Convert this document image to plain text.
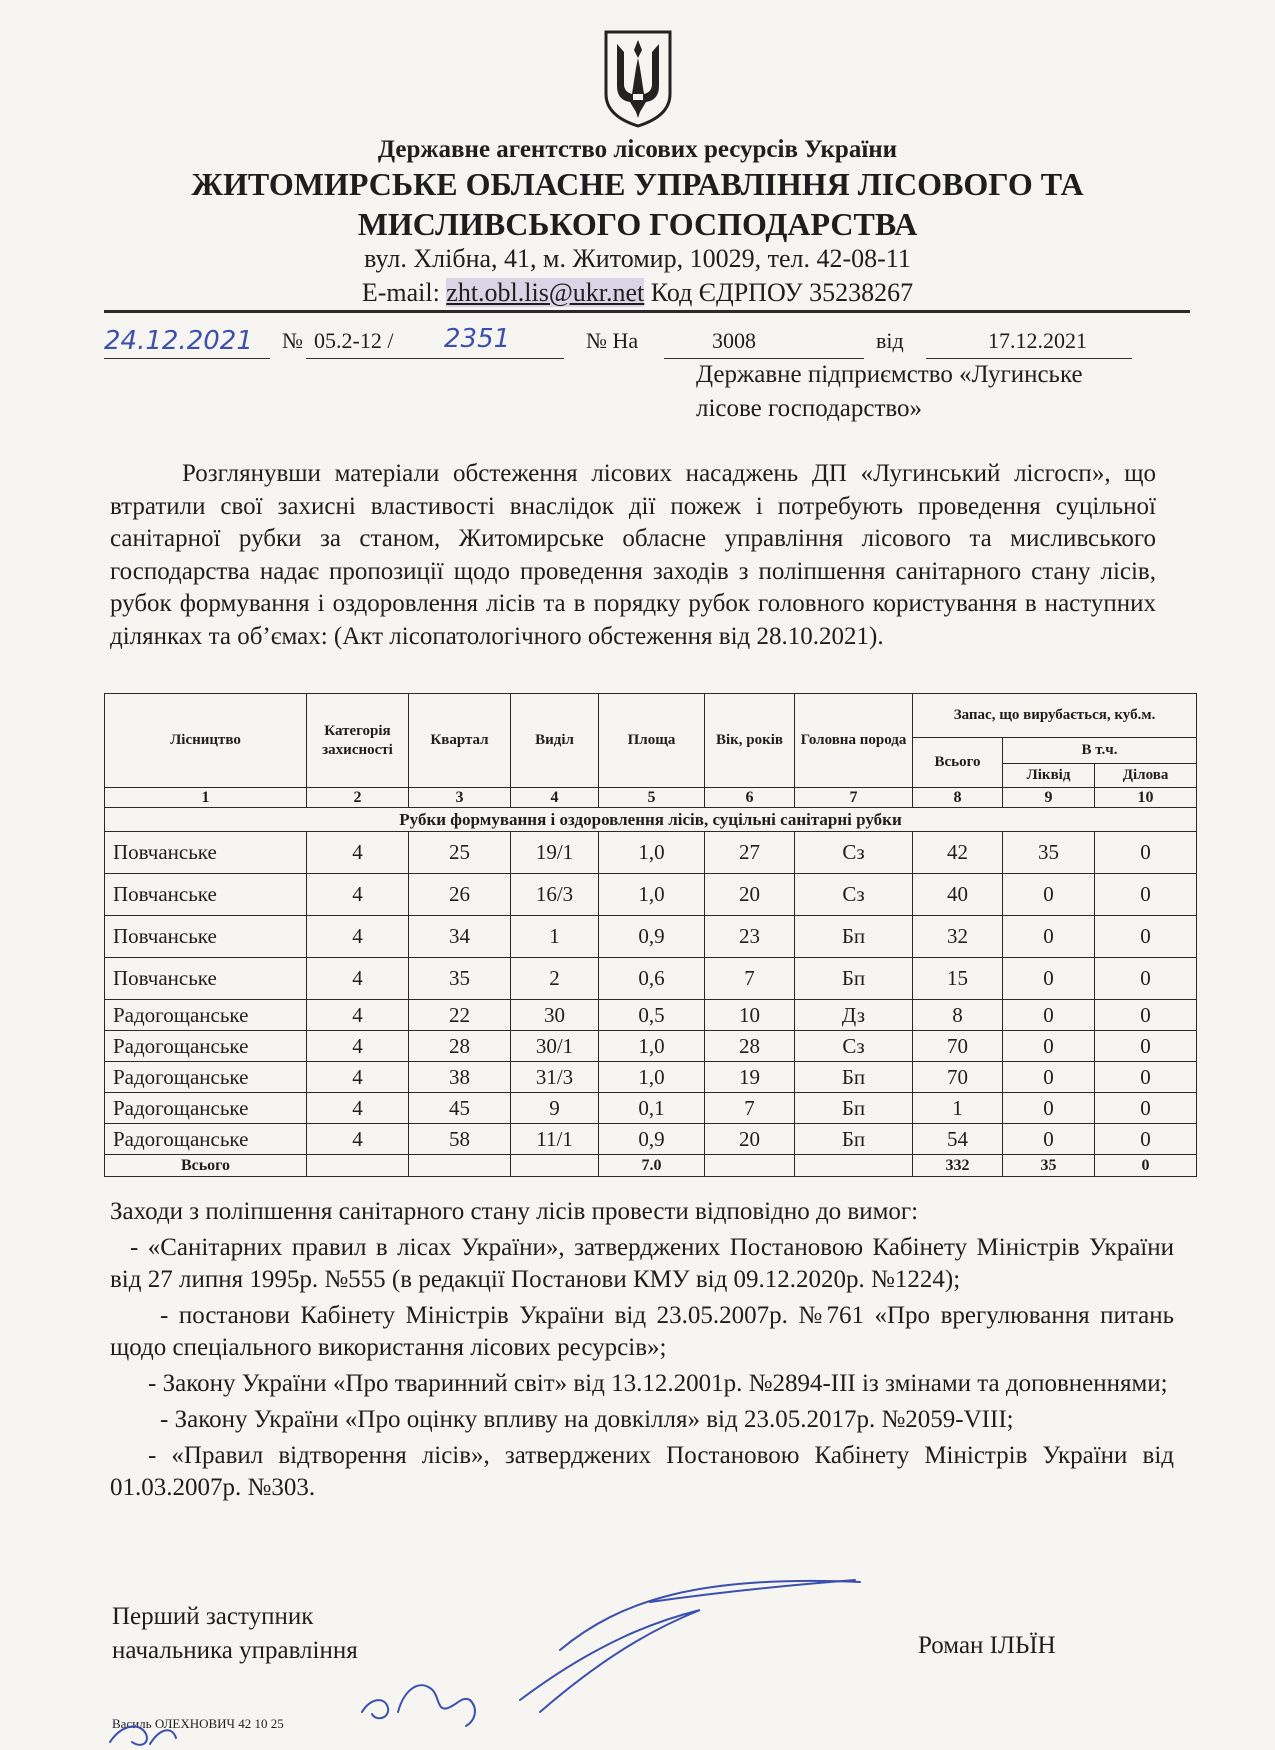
Державне агентство лісових ресурсів України
ЖИТОМИРСЬКЕ ОБЛАСНЕ УПРАВЛІННЯ ЛІСОВОГО ТА
МИСЛИВСЬКОГО ГОСПОДАРСТВА
вул. Хлібна, 41, м. Житомир, 10029, тел. 42-08-11
E-mail: zht.obl.lis@ukr.net Код ЄДРПОУ 35238267
24.12.2021 № 05.2-12 / 2351	№ На	3008	від	17.12.2021
Державне підприємство «Лугинське
лісове господарство»
Розглянувши матеріали обстеження лісових насаджень ДП «Лугинський лісгосп», що втратили свої захисні властивості внаслідок дії пожеж і потребують проведення суцільної санітарної рубки за станом, Житомирське обласне управління лісового та мисливського господарства надає пропозиції щодо проведення заходів з поліпшення санітарного стану лісів, рубок формування і оздоровлення лісів та в порядку рубок головного користування в наступних ділянках та об’ємах: (Акт лісопатологічного обстеження від 28.10.2021).
Лісництво	Категорія захисності	Квартал	Виділ	Площа	Вік, років	Головна порода	Запас, що вирубається, куб.м.		
							Всього	В т.ч.	
								Ліквід	Ділова
1	2	3	4	5	6	7	8	9	10
Рубки формування і оздоровлення лісів, суцільні санітарні рубки									
Повчанське	4	25	19/1	1,0	27	Сз	42	35	0
Повчанське	4	26	16/3	1,0	20	Сз	40	0	0
Повчанське	4	34	1	0,9	23	Бп	32	0	0
Повчанське	4	35	2	0,6	7	Бп	15	0	0
Радогощанське	4	22	30	0,5	10	Дз	8	0	0
Радогощанське	4	28	30/1	1,0	28	Сз	70	0	0
Радогощанське	4	38	31/3	1,0	19	Бп	70	0	0
Радогощанське	4	45	9	0,1	7	Бп	1	0	0
Радогощанське	4	58	11/1	0,9	20	Бп	54	0	0
Всього				7.0			332	35	0
Заходи з поліпшення санітарного стану лісів провести відповідно до вимог:
- «Санітарних правил в лісах України», затверджених Постановою Кабінету Міністрів України від 27 липня 1995р. №555 (в редакції Постанови КМУ від 09.12.2020р. №1224);
- постанови Кабінету Міністрів України від 23.05.2007р. №761 «Про врегулювання питань щодо спеціального використання лісових ресурсів»;
- Закону України «Про тваринний світ» від 13.12.2001р. №2894-ІІІ із змінами та доповненнями;
- Закону України «Про оцінку впливу на довкілля» від 23.05.2017р. №2059-VIII;
- «Правил відтворення лісів», затверджених Постановою Кабінету Міністрів України від 01.03.2007р. №303.
Перший заступник
начальника управління	Роман ІЛЬЇН
Василь ОЛЕХНОВИЧ 42 10 25
